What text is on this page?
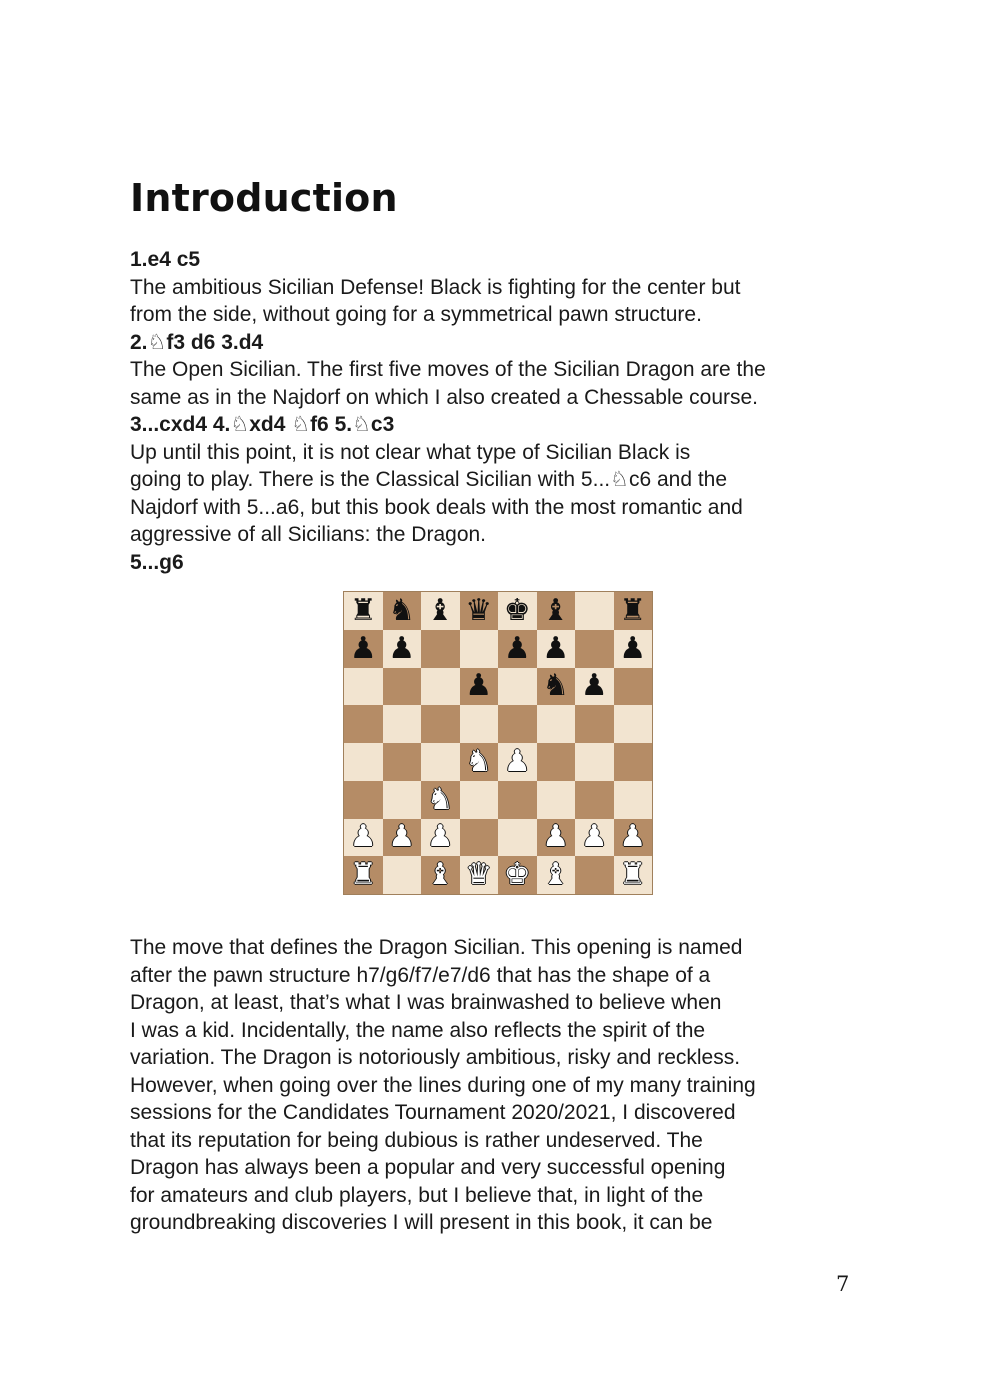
Introduction
1.e4 c5
The ambitious Sicilian Defense! Black is fighting for the center but
from the side, without going for a symmetrical pawn structure.
2.♘f3 d6 3.d4
The Open Sicilian. The first five moves of the Sicilian Dragon are the
same as in the Najdorf on which I also created a Chessable course.
3...cxd4 4.♘xd4 ♘f6 5.♘c3
Up until this point, it is not clear what type of Sicilian Black is
going to play. There is the Classical Sicilian with 5...♘c6 and the
Najdorf with 5...a6, but this book deals with the most romantic and
aggressive of all Sicilians: the Dragon.
5...g6
♜ ♞ ♝ ♛ ♚ ♝ ♜
♟ ♟	♟ ♟ ♟
♟ ♞ ♟
♞ ♟
♞
♟ ♟ ♟	♟ ♟ ♟
♜ ♝ ♛ ♚ ♝ ♜
The move that defines the Dragon Sicilian. This opening is named
after the pawn structure h7/g6/f7/e7/d6 that has the shape of a
Dragon, at least, that’s what I was brainwashed to believe when
I was a kid. Incidentally, the name also reflects the spirit of the
variation. The Dragon is notoriously ambitious, risky and reckless.
However, when going over the lines during one of my many training
sessions for the Candidates Tournament 2020/2021, I discovered
that its reputation for being dubious is rather undeserved. The
Dragon has always been a popular and very successful opening
for amateurs and club players, but I believe that, in light of the
groundbreaking discoveries I will present in this book, it can be
7
